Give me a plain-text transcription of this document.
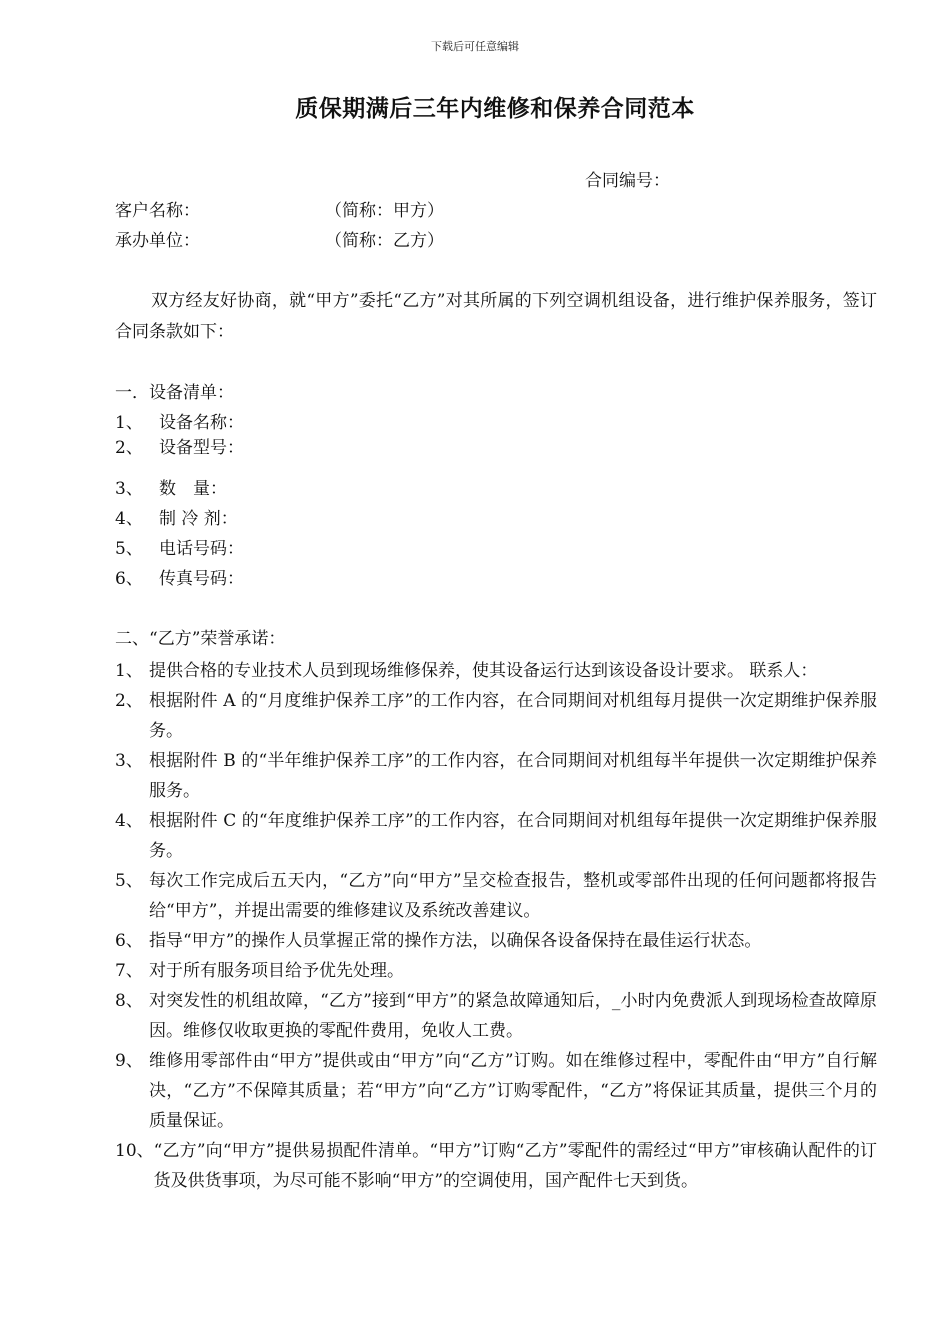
下载后可任意编辑
质保期满后三年内维修和保养合同范本
合同编号：
客户名称：	（简称：甲方）
承办单位：	（简称：乙方）
双方经友好协商，就“甲方”委托“乙方”对其所属的下列空调机组设备，进行维护保养服务，签订合同条款如下：
一．设备清单：
1、 设备名称：
2、 设备型号：
3、 数　量：
4、 制 冷 剂：
5、 电话号码：
6、 传真号码：
二、“乙方”荣誉承诺：
1、 提供合格的专业技术人员到现场维修保养，使其设备运行达到该设备设计要求。 联系人：
2、 根据附件 A 的“月度维护保养工序”的工作内容，在合同期间对机组每月提供一次定期维护保养服务。
3、 根据附件 B 的“半年维护保养工序”的工作内容，在合同期间对机组每半年提供一次定期维护保养服务。
4、 根据附件 C 的“年度维护保养工序”的工作内容，在合同期间对机组每年提供一次定期维护保养服务。
5、 每次工作完成后五天内，“乙方”向“甲方”呈交检查报告，整机或零部件出现的任何问题都将报告给“甲方”，并提出需要的维修建议及系统改善建议。
6、 指导“甲方”的操作人员掌握正常的操作方法，以确保各设备保持在最佳运行状态。
7、 对于所有服务项目给予优先处理。
8、 对突发性的机组故障，“乙方”接到“甲方”的紧急故障通知后，_小时内免费派人到现场检查故障原因。维修仅收取更换的零配件费用，免收人工费。
9、 维修用零部件由“甲方”提供或由“甲方”向“乙方”订购。如在维修过程中，零配件由“甲方”自行解决，“乙方”不保障其质量；若“甲方”向“乙方”订购零配件，“乙方”将保证其质量，提供三个月的质量保证。
10、 “乙方”向“甲方”提供易损配件清单。“甲方”订购“乙方”零配件的需经过“甲方”审核确认配件的订货及供货事项，为尽可能不影响“甲方”的空调使用，国产配件七天到货。
